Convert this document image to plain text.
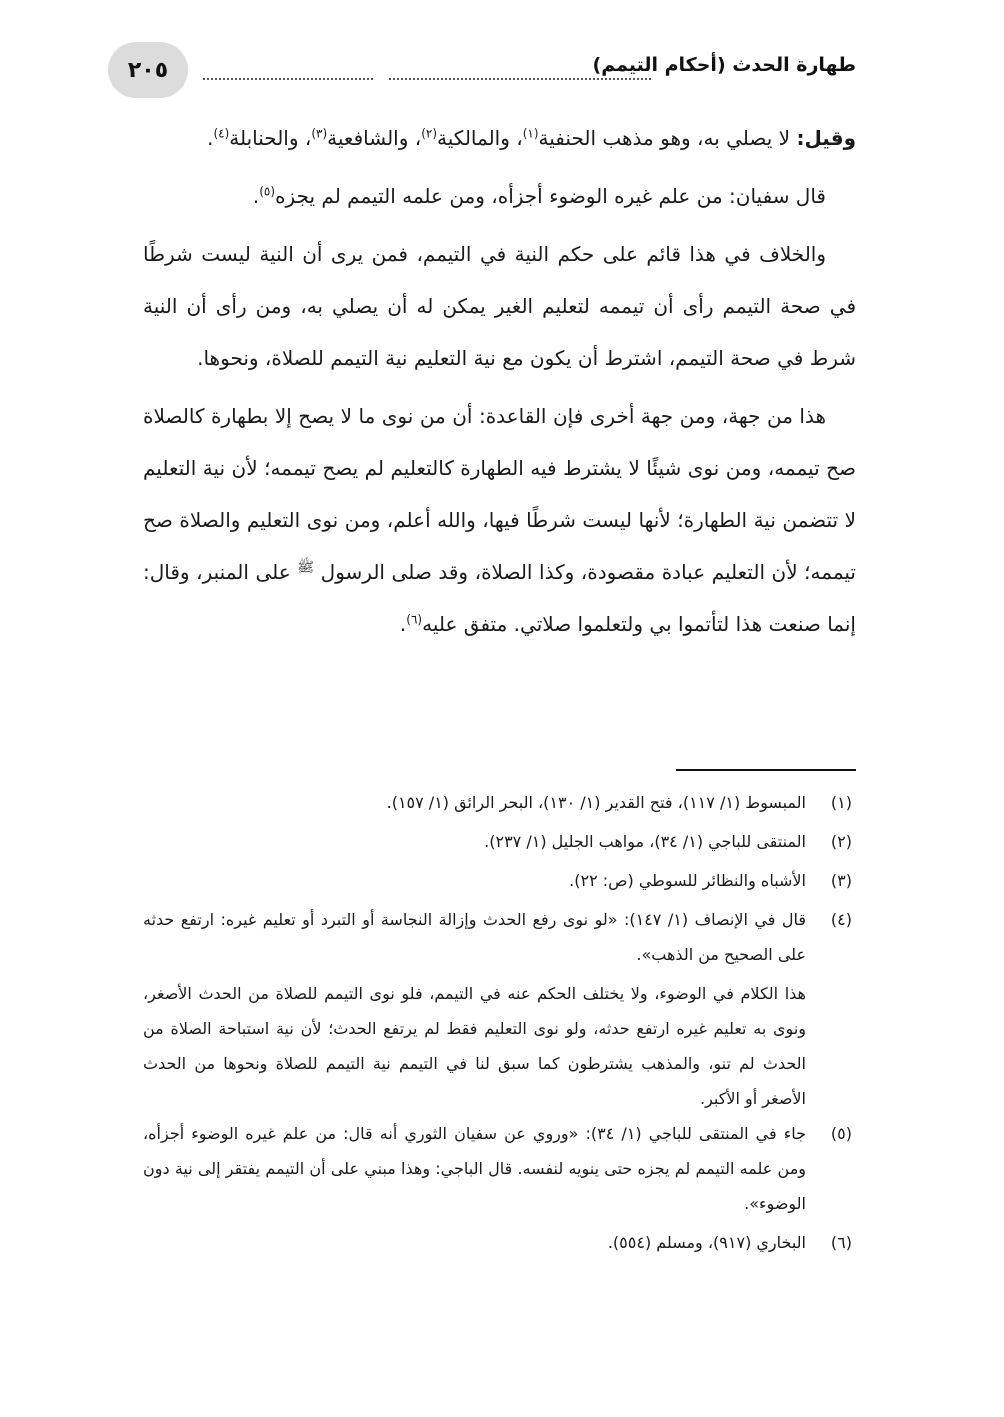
٢٠٥	طهارة الحدث (أحكام التيمم)

وقيل: لا يصلي به، وهو مذهب الحنفية$^{(١)}$، والمالكية$^{(٢)}$، والشافعية$^{(٣)}$، والحنابلة$^{(٤)}$.

قال سفيان: من علم غيره الوضوء أجزأه، ومن علمه التيمم لم يجزه$^{(٥)}$.

والخلاف في هذا قائم على حكم النية في التيمم، فمن يرى أن النية ليست شرطًا في صحة التيمم رأى أن تيممه لتعليم الغير يمكن له أن يصلي به، ومن رأى أن النية شرط في صحة التيمم، اشترط أن يكون مع نية التعليم نية التيمم للصلاة، ونحوها.

هذا من جهة، ومن جهة أخرى فإن القاعدة: أن من نوى ما لا يصح إلا بطهارة كالصلاة صح تيممه، ومن نوى شيئًا لا يشترط فيه الطهارة كالتعليم لم يصح تيممه؛ لأن نية التعليم لا تتضمن نية الطهارة؛ لأنها ليست شرطًا فيها، والله أعلم، ومن نوى التعليم والصلاة صح تيممه؛ لأن التعليم عبادة مقصودة، وكذا الصلاة، وقد صلى الرسول $^ﷺ$ على المنبر، وقال: إنما صنعت هذا لتأتموا بي ولتعلموا صلاتي. متفق عليه$^{(٦)}$.

(١)

المبسوط (١/ ١١٧)، فتح القدير (١/ ١٣٠)، البحر الرائق (١/ ١٥٧).

(٢)

المنتقى للباجي (١/ ٣٤)، مواهب الجليل (١/ ٢٣٧).

(٣)

الأشباه والنظائر للسوطي (ص: ٢٢).

(٤)

قال في الإنصاف (١/ ١٤٧): «لو نوى رفع الحدث وإزالة النجاسة أو التبرد أو تعليم غيره: ارتفع حدثه على الصحيح من الذهب».

هذا الكلام في الوضوء، ولا يختلف الحكم عنه في التيمم، فلو نوى التيمم للصلاة من الحدث الأصغر، ونوى به تعليم غيره ارتفع حدثه، ولو نوى التعليم فقط لم يرتفع الحدث؛ لأن نية استباحة الصلاة من الحدث لم تنو، والمذهب يشترطون كما سبق لنا في التيمم نية التيمم للصلاة ونحوها من الحدث الأصغر أو الأكبر.

(٥)

جاء في المنتقى للباجي (١/ ٣٤): «وروي عن سفيان الثوري أنه قال: من علم غيره الوضوء أجزأه، ومن علمه التيمم لم يجزه حتى ينويه لنفسه. قال الباجي: وهذا مبني على أن التيمم يفتقر إلى نية دون الوضوء».

(٦)

البخاري (٩١٧)، ومسلم (٥٥٤).
